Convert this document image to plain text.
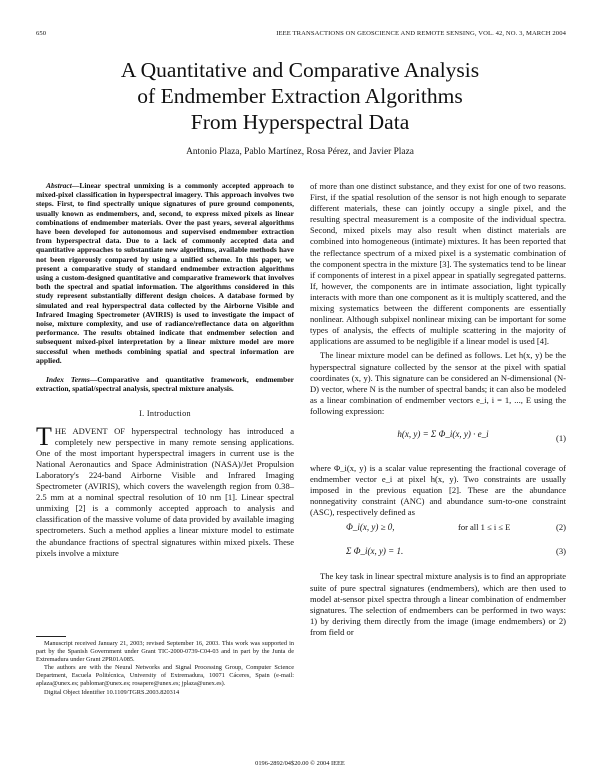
650	IEEE TRANSACTIONS ON GEOSCIENCE AND REMOTE SENSING, VOL. 42, NO. 3, MARCH 2004
A Quantitative and Comparative Analysis
of Endmember Extraction Algorithms
From Hyperspectral Data
Antonio Plaza, Pablo Martínez, Rosa Pérez, and Javier Plaza

Abstract—Linear spectral unmixing is a commonly accepted approach to mixed-pixel classification in hyperspectral imagery. This approach involves two steps. First, to find spectrally unique signatures of pure ground components, usually known as endmembers, and, second, to express mixed pixels as linear combinations of endmember materials. Over the past years, several algorithms have been developed for autonomous and supervised endmember extraction from hyperspectral data. Due to a lack of commonly accepted data and quantitative approaches to substantiate new algorithms, available methods have not been rigorously compared by using a unified scheme. In this paper, we present a comparative study of standard endmember extraction algorithms using a custom-designed quantitative and comparative framework that involves both the spectral and spatial information. The algorithms considered in this study represent substantially different design choices. A database formed by simulated and real hyperspectral data collected by the Airborne Visible and Infrared Imaging Spectrometer (AVIRIS) is used to investigate the impact of noise, mixture complexity, and use of radiance/reflectance data on algorithm performance. The results obtained indicate that endmember selection and subsequent mixed-pixel interpretation by a linear mixture model are more successful when methods combining spatial and spectral information are applied.

Index Terms—Comparative and quantitative framework, endmember extraction, spatial/spectral analysis, spectral mixture analysis.

I. Introduction

THE ADVENT OF hyperspectral technology has introduced a completely new perspective in many remote sensing applications. One of the most important hyperspectral imagers in current use is the National Aeronautics and Space Administration (NASA)/Jet Propulsion Laboratory's 224-band Airborne Visible and Infrared Imaging Spectrometer (AVIRIS), which covers the wavelength region from 0.38–2.5 mm at a nominal spectral resolution of 10 nm [1]. Linear spectral unmixing [2] is a commonly accepted approach to analysis and classification of the massive volume of data provided by available imaging spectrometers. Such a method applies a linear mixture model to estimate the abundance fractions of spectral signatures within mixed pixels. These pixels involve a mixture

Manuscript received January 21, 2003; revised September 16, 2003. This work was supported in part by the Spanish Government under Grant TIC-2000-0739-C04-03 and in part by the Junta de Extremadura under Grant 2PR01A085.

The authors are with the Neural Networks and Signal Processing Group, Computer Science Department, Escuela Politécnica, University of Extremadura, 10071 Cáceres, Spain (e-mail: aplaza@unex.es; pablomar@unex.es; rosapere@unex.es; jplaza@unex.es).

Digital Object Identifier 10.1109/TGRS.2003.820314

of more than one distinct substance, and they exist for one of two reasons. First, if the spatial resolution of the sensor is not high enough to separate different materials, these can jointly occupy a single pixel, and the resulting spectral measurement is a composite of the individual spectra. Second, mixed pixels may also result when distinct materials are combined into homogeneous (intimate) mixtures. It has been reported that the reflectance spectrum of a mixed pixel is a systematic combination of the component spectra in the mixture [3]. The systematics tend to be linear if components of interest in a pixel appear in spatially segregated patterns. If, however, the components are in intimate association, light typically interacts with more than one component as it is multiply scattered, and the mixing systematics between the different components are essentially nonlinear. Although subpixel nonlinear mixing can be important for some types of analysis, the effects of multiple scattering in the majority of applications are assumed to be negligible if a linear model is used [4].

The linear mixture model can be defined as follows. Let h(x, y) be the hyperspectral signature collected by the sensor at the pixel with spatial coordinates (x, y). This signature can be considered an N-dimensional (N-D) vector, where N is the number of spectral bands; it can also be modeled as a linear combination of endmember vectors e_i, i = 1, ..., E using the following expression:

h(x, y) = Σ Φ_i(x, y) · e_i	(1)

where Φ_i(x, y) is a scalar value representing the fractional coverage of endmember vector e_i at pixel h(x, y). Two constraints are usually imposed in the previous equation [2]. These are the abundance nonnegativity constraint (ANC) and abundance sum-to-one constraint (ASC), respectively defined as

Φ_i(x, y) ≥ 0,	for all 1 ≤ i ≤ E	(2)
Σ Φ_i(x, y) = 1.	(3)

The key task in linear spectral mixture analysis is to find an appropriate suite of pure spectral signatures (endmembers), which are then used to model at-sensor pixel spectra through a linear combination of endmember signatures. The selection of endmembers can be performed in two ways: 1) by deriving them directly from the image (image endmembers) or 2) from field or

0196-2892/04$20.00 © 2004 IEEE
